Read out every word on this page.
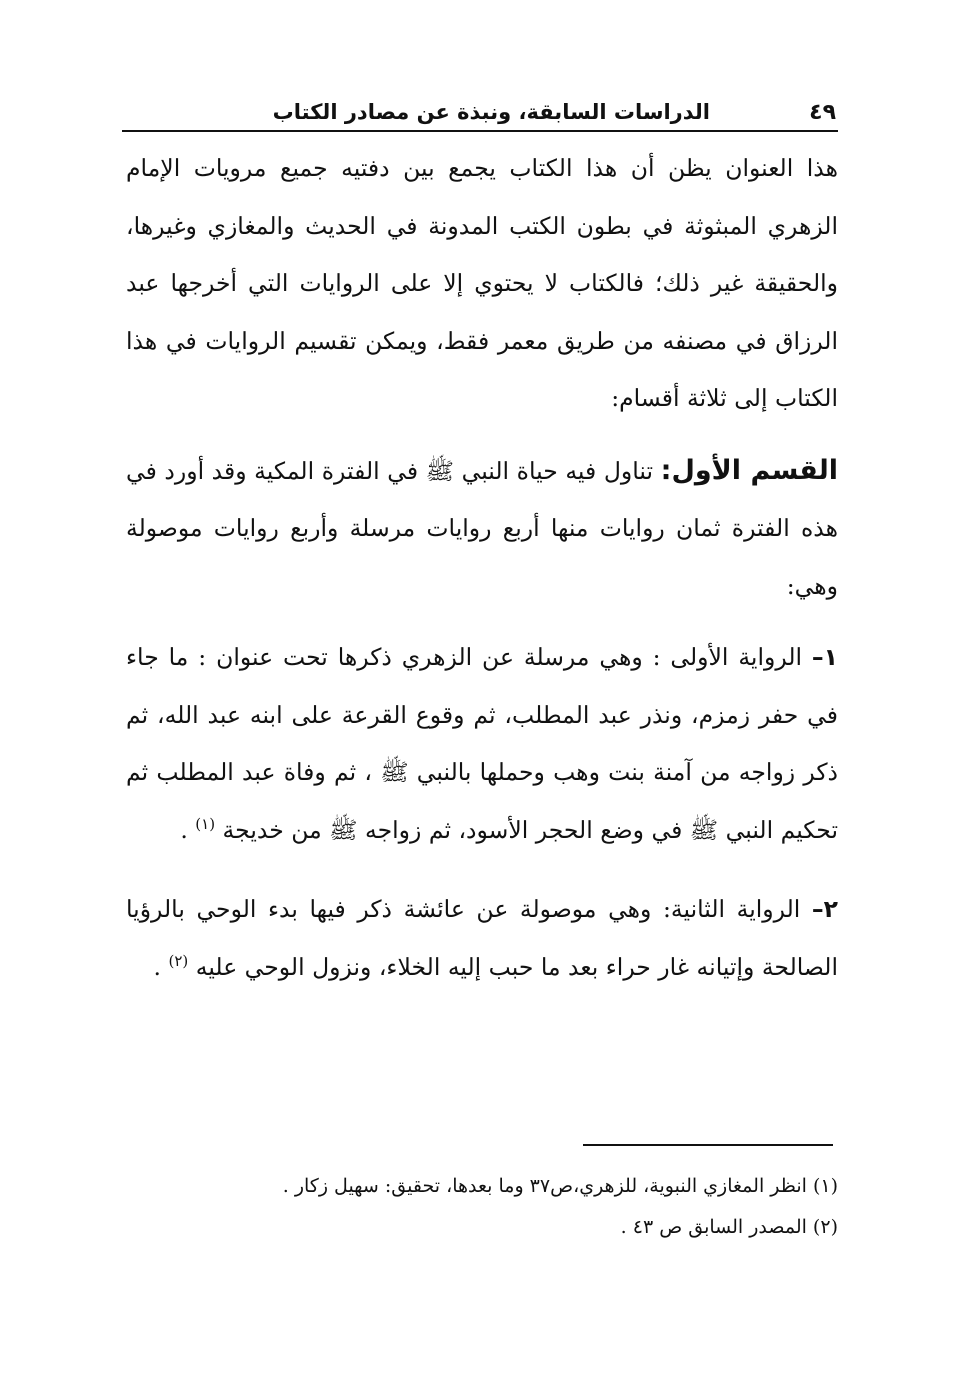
٤٩
الدراسات السابقة، ونبذة عن مصادر الكتاب

هذا العنوان يظن أن هذا الكتاب يجمع بين دفتيه جميع مرويات الإمام الزهري المبثوثة في بطون الكتب المدونة في الحديث والمغازي وغيرها، والحقيقة غير ذلك؛ فالكتاب لا يحتوي إلا على الروايات التي أخرجها عبد الرزاق في مصنفه من طريق معمر فقط، ويمكن تقسيم الروايات في هذا الكتاب إلى ثلاثة أقسام:

القسم الأول: تناول فيه حياة النبي ﷺ في الفترة المكية وقد أورد في هذه الفترة ثمان روايات منها أربع روايات مرسلة وأربع روايات موصولة وهي:

١– الرواية الأولى : وهي مرسلة عن الزهري ذكرها تحت عنوان : ما جاء في حفر زمزم، ونذر عبد المطلب، ثم وقوع القرعة على ابنه عبد الله، ثم ذكر زواجه من آمنة بنت وهب وحملها بالنبي ﷺ ، ثم وفاة عبد المطلب ثم تحكيم النبي ﷺ في وضع الحجر الأسود، ثم زواجه ﷺ من خديجة $^{(١)}$ .

٢– الرواية الثانية: وهي موصولة عن عائشة ذكر فيها بدء الوحي بالرؤيا الصالحة وإتيانه غار حراء بعد ما حبب إليه الخلاء، ونزول الوحي عليه $^{(٢)}$ .

(١) انظر المغازي النبوية، للزهري،ص٣٧ وما بعدها، تحقيق: سهيل زكار .
(٢) المصدر السابق ص ٤٣ .
